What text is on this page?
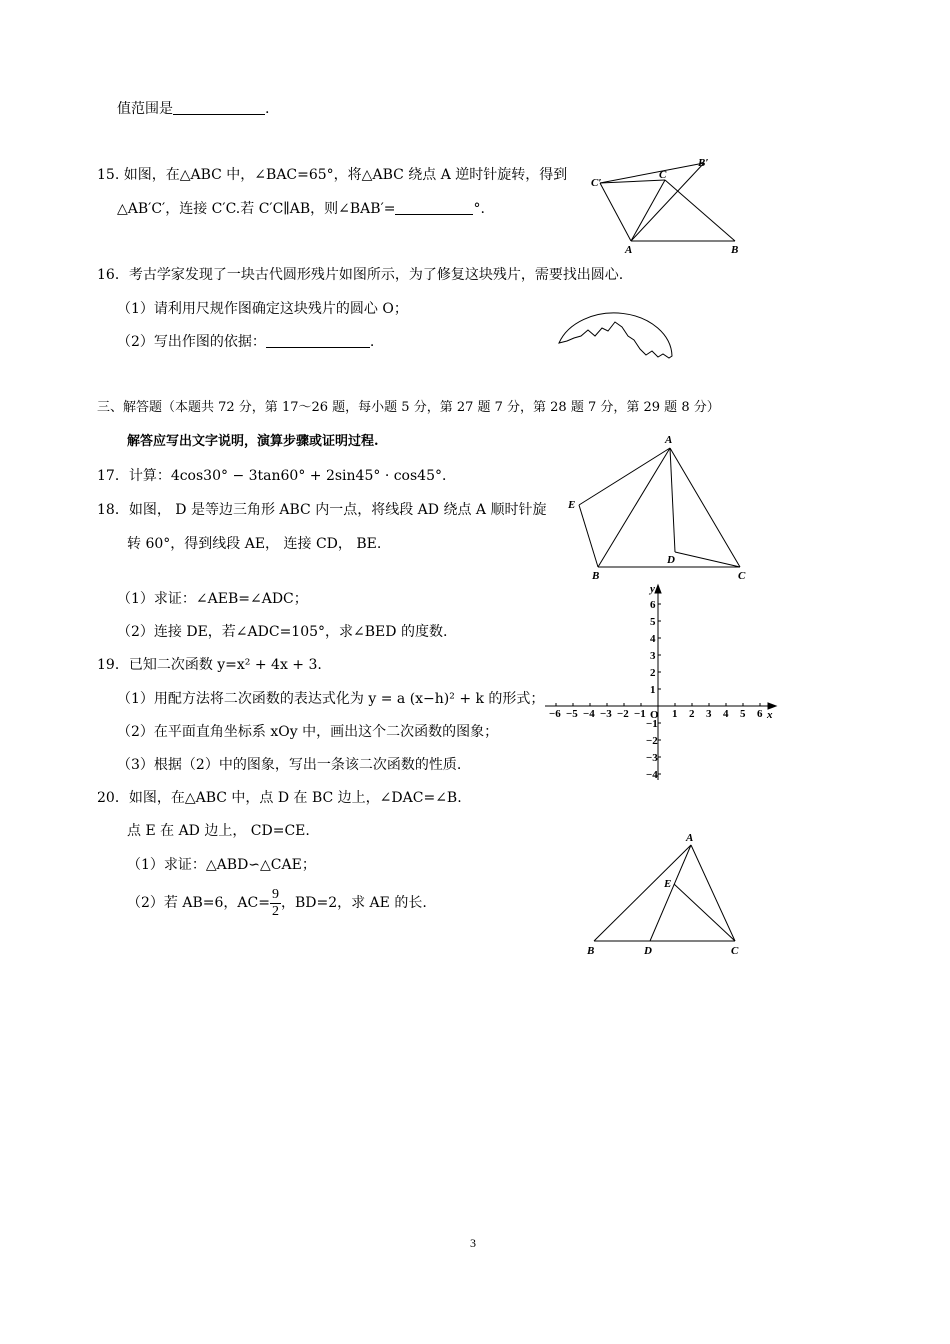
值范围是	.
15. 如图，在△ABC 中，∠BAC=65°，将△ABC 绕点 A 逆时针旋转，得到
△AB′C′，连接 C′C.若 C′C∥AB，则∠BAB′=	°.
C′
C
B′
A	B
16．考古学家发现了一块古代圆形残片如图所示，为了修复这块残片，需要找出圆心.
（1）请利用尺规作图确定这块残片的圆心 O；
（2）写出作图的依据：	.
三、解答题（本题共 72 分，第 17～26 题，每小题 5 分，第 27 题 7 分，第 28 题 7 分，第 29 题 8 分）
解答应写出文字说明，演算步骤或证明过程.
17．计算：4cos30° − 3tan60° + 2sin45° · cos45°．
18．如图， D 是等边三角形 ABC 内一点，将线段 AD 绕点 A 顺时针旋
转 60°，得到线段 AE， 连接 CD， BE.
（1）求证：∠AEB=∠ADC；
（2）连接 DE，若∠ADC=105°，求∠BED 的度数.
A
E
D
B	C
19．已知二次函数 y=x² + 4x + 3.
（1）用配方法将二次函数的表达式化为 y = a (x−h)² + k 的形式；
（2）在平面直角坐标系 xOy 中，画出这个二次函数的图象；
（3）根据（2）中的图象，写出一条该二次函数的性质.
−6 −5 −4 −3 −2 −1 1 2 3 4 5 6
6
5
4
3
2
1
−1
−2
−3
−4
x
y
O
20．如图，在△ABC 中，点 D 在 BC 边上，∠DAC=∠B.
点 E 在 AD 边上， CD=CE.
（1）求证：△ABD∽△CAE；
（2）若 AB=6，$AC= \frac{9}{2}$ ，BD=2，求 AE 的长.
A
E
B	D	C
3
